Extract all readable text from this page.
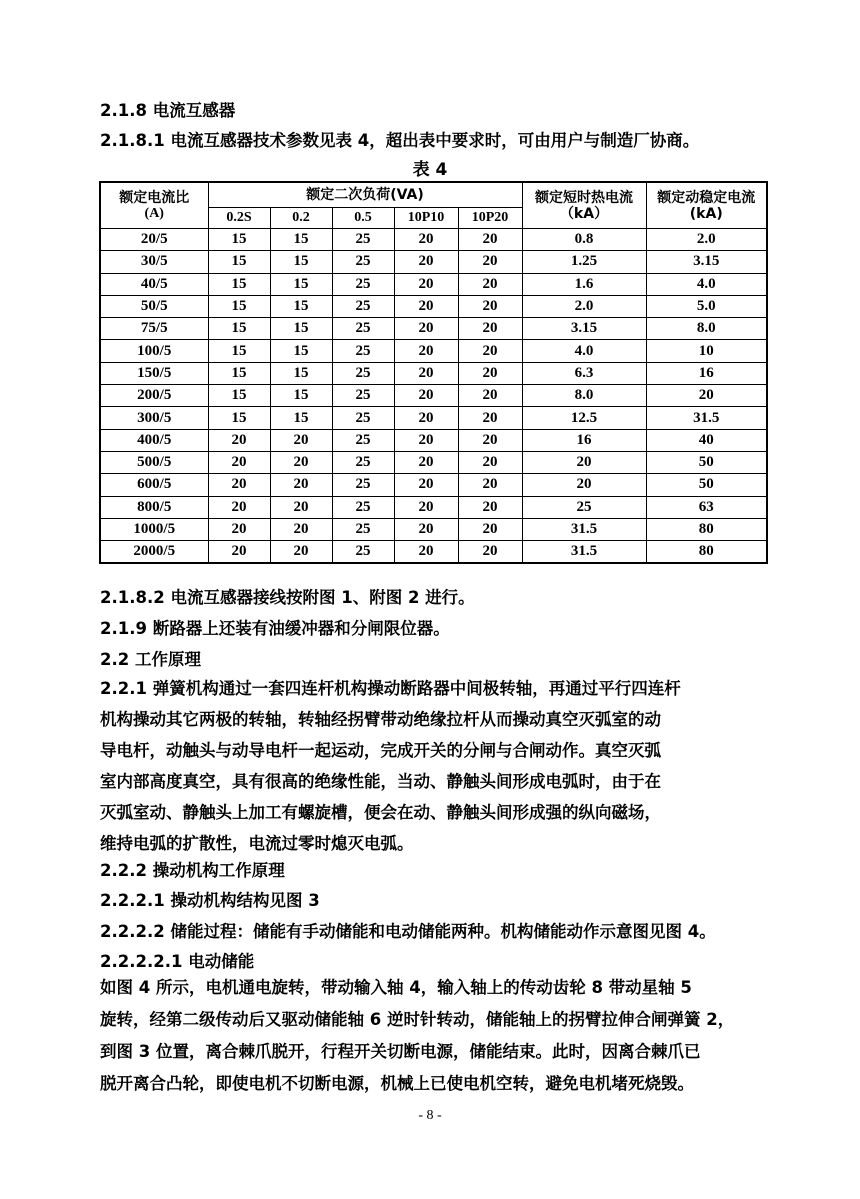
2.1.8 电流互感器
2.1.8.1 电流互感器技术参数见表 4，超出表中要求时，可由用户与制造厂协商。
表 4
额定电流比
(A)	额定二次负荷(VA)					额定短时热电流（kA）	额定动稳定电流(kA)
	0.2S	0.2	0.5	10P10	10P20		
20/5	15	15	25	20	20	0.8	2.0
30/5	15	15	25	20	20	1.25	3.15
40/5	15	15	25	20	20	1.6	4.0
50/5	15	15	25	20	20	2.0	5.0
75/5	15	15	25	20	20	3.15	8.0
100/5	15	15	25	20	20	4.0	10
150/5	15	15	25	20	20	6.3	16
200/5	15	15	25	20	20	8.0	20
300/5	15	15	25	20	20	12.5	31.5
400/5	20	20	25	20	20	16	40
500/5	20	20	25	20	20	20	50
600/5	20	20	25	20	20	20	50
800/5	20	20	25	20	20	25	63
1000/5	20	20	25	20	20	31.5	80
2000/5	20	20	25	20	20	31.5	80
2.1.8.2 电流互感器接线按附图 1、附图 2 进行。
2.1.9 断路器上还装有油缓冲器和分闸限位器。
2.2 工作原理
2.2.1 弹簧机构通过一套四连杆机构操动断路器中间极转轴，再通过平行四连杆
机构操动其它两极的转轴，转轴经拐臂带动绝缘拉杆从而操动真空灭弧室的动
导电杆，动触头与动导电杆一起运动，完成开关的分闸与合闸动作。真空灭弧
室内部高度真空，具有很高的绝缘性能，当动、静触头间形成电弧时，由于在
灭弧室动、静触头上加工有螺旋槽，便会在动、静触头间形成强的纵向磁场，
维持电弧的扩散性，电流过零时熄灭电弧。
2.2.2 操动机构工作原理
2.2.2.1 操动机构结构见图 3
2.2.2.2 储能过程：储能有手动储能和电动储能两种。机构储能动作示意图见图 4。
2.2.2.2.1 电动储能
如图 4 所示，电机通电旋转，带动输入轴 4，输入轴上的传动齿轮 8 带动星轴 5
旋转，经第二级传动后又驱动储能轴 6 逆时针转动，储能轴上的拐臂拉伸合闸弹簧 2，
到图 3 位置，离合棘爪脱开，行程开关切断电源，储能结束。此时，因离合棘爪已
脱开离合凸轮，即使电机不切断电源，机械上已使电机空转，避免电机堵死烧毁。
- 8 -
